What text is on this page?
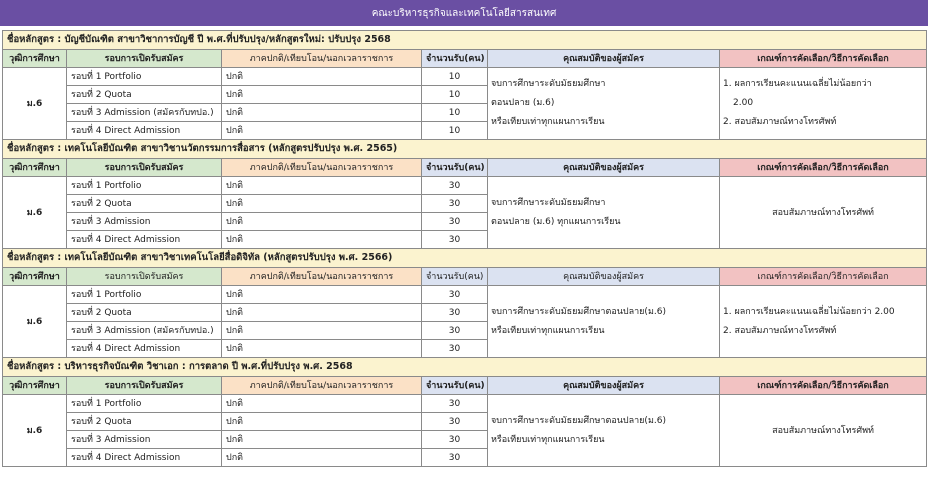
คณะบริหารธุรกิจและเทคโนโลยีสารสนเทศ
ชื่อหลักสูตร : บัญชีบัณฑิต สาขาวิชาการบัญชี ปี พ.ศ.ที่ปรับปรุง/หลักสูตรใหม่: ปรับปรุง 2568					
วุฒิการศึกษา	รอบการเปิดรับสมัคร	ภาคปกติ/เทียบโอน/นอกเวลาราชการ	จำนวนรับ(คน)	คุณสมบัติของผู้สมัคร	เกณฑ์การคัดเลือก/วิธีการคัดเลือก
ม.6	รอบที่ 1 Portfolio	ปกติ	10	จบการศึกษาระดับมัธยมศึกษา
ตอนปลาย (ม.6)
หรือเทียบเท่าทุกแผนการเรียน	1. ผลการเรียนคะแนนเฉลี่ยไม่น้อยกว่า
2.00
2. สอบสัมภาษณ์ทางโทรศัพท์

	รอบที่ 2 Quota	ปกติ	10		
	รอบที่ 3 Admission (สมัครกับทปอ.)	ปกติ	10		
	รอบที่ 4 Direct Admission	ปกติ	10		
ชื่อหลักสูตร : เทคโนโลยีบัณฑิต สาขาวิชานวัตกรรมการสื่อสาร (หลักสูตรปรับปรุง พ.ศ. 2565)					
วุฒิการศึกษา	รอบการเปิดรับสมัคร	ภาคปกติ/เทียบโอน/นอกเวลาราชการ	จำนวนรับ(คน)	คุณสมบัติของผู้สมัคร	เกณฑ์การคัดเลือก/วิธีการคัดเลือก
ม.6	รอบที่ 1 Portfolio	ปกติ	30	จบการศึกษาระดับมัธยมศึกษา
ตอนปลาย (ม.6) ทุกแผนการเรียน	สอบสัมภาษณ์ทางโทรศัพท์
	รอบที่ 2 Quota	ปกติ	30		
	รอบที่ 3 Admission	ปกติ	30		
	รอบที่ 4 Direct Admission	ปกติ	30		
ชื่อหลักสูตร : เทคโนโลยีบัณฑิต สาขาวิชาเทคโนโลยีสื่อดิจิทัล (หลักสูตรปรับปรุง พ.ศ. 2566)					
วุฒิการศึกษา	รอบการเปิดรับสมัคร	ภาคปกติ/เทียบโอน/นอกเวลาราชการ	จำนวนรับ(คน)	คุณสมบัติของผู้สมัคร	เกณฑ์การคัดเลือก/วิธีการคัดเลือก
ม.6	รอบที่ 1 Portfolio	ปกติ	30	จบการศึกษาระดับมัธยมศึกษาตอนปลาย(ม.6)
หรือเทียบเท่าทุกแผนการเรียน	1. ผลการเรียนคะแนนเฉลี่ยไม่น้อยกว่า 2.00
2. สอบสัมภาษณ์ทางโทรศัพท์

	รอบที่ 2 Quota	ปกติ	30		
	รอบที่ 3 Admission (สมัครกับทปอ.)	ปกติ	30		
	รอบที่ 4 Direct Admission	ปกติ	30		
ชื่อหลักสูตร : บริหารธุรกิจบัณฑิต วิชาเอก : การตลาด ปี พ.ศ.ที่ปรับปรุง พ.ศ. 2568					
วุฒิการศึกษา	รอบการเปิดรับสมัคร	ภาคปกติ/เทียบโอน/นอกเวลาราชการ	จำนวนรับ(คน)	คุณสมบัติของผู้สมัคร	เกณฑ์การคัดเลือก/วิธีการคัดเลือก
ม.6	รอบที่ 1 Portfolio	ปกติ	30	จบการศึกษาระดับมัธยมศึกษาตอนปลาย(ม.6)
หรือเทียบเท่าทุกแผนการเรียน	สอบสัมภาษณ์ทางโทรศัพท์
	รอบที่ 2 Quota	ปกติ	30		
	รอบที่ 3 Admission	ปกติ	30		
	รอบที่ 4 Direct Admission	ปกติ	30		
